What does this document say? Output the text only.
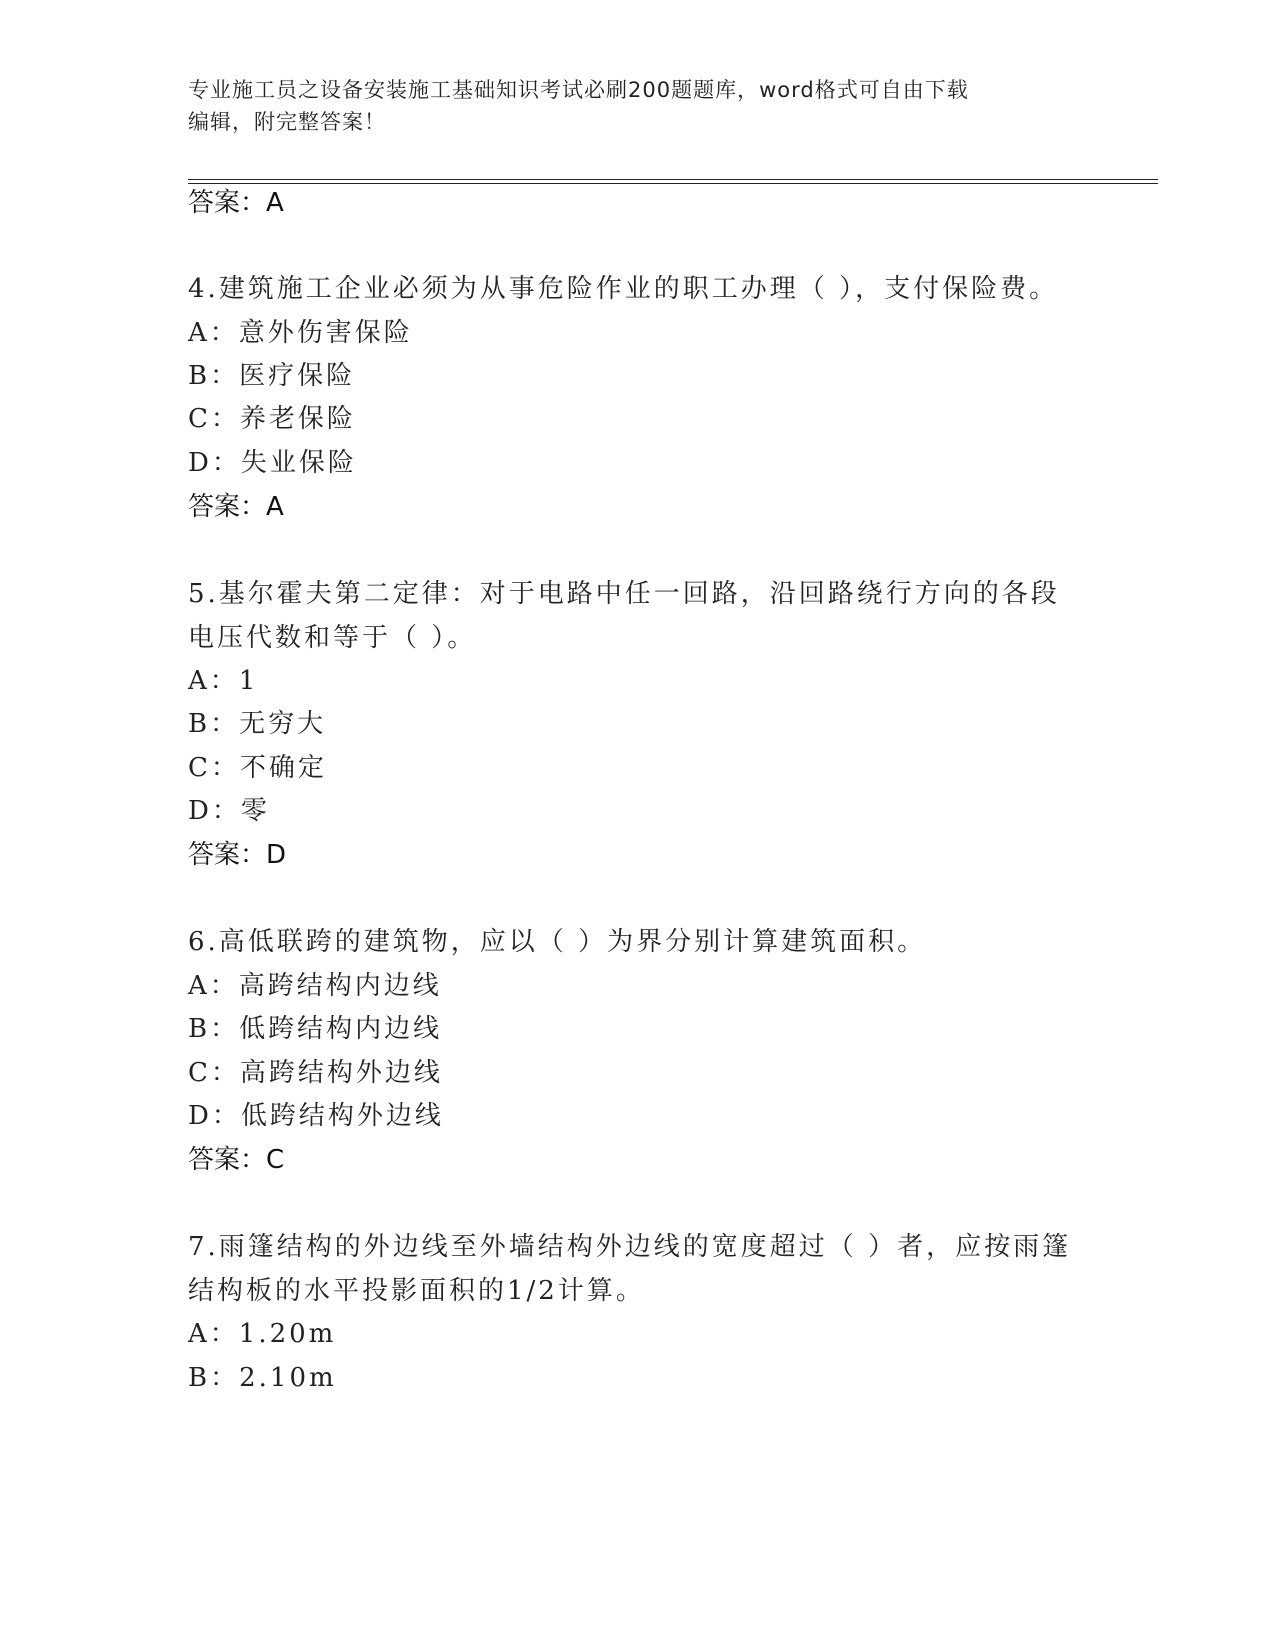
专业施工员之设备安装施工基础知识考试必刷200题题库，word格式可自由下载
编辑，附完整答案！
答案：A
4.建筑施工企业必须为从事危险作业的职工办理（ ），支付保险费。
A：意外伤害保险
B：医疗保险
C：养老保险
D：失业保险
答案：A
5.基尔霍夫第二定律：对于电路中任一回路，沿回路绕行方向的各段
电压代数和等于（ ）。
A：1
B：无穷大
C：不确定
D：零
答案：D
6.高低联跨的建筑物，应以（ ）为界分别计算建筑面积。
A：高跨结构内边线
B：低跨结构内边线
C：高跨结构外边线
D：低跨结构外边线
答案：C
7.雨篷结构的外边线至外墙结构外边线的宽度超过（ ）者，应按雨篷
结构板的水平投影面积的1/2计算。
A：1.20m
B：2.10m
